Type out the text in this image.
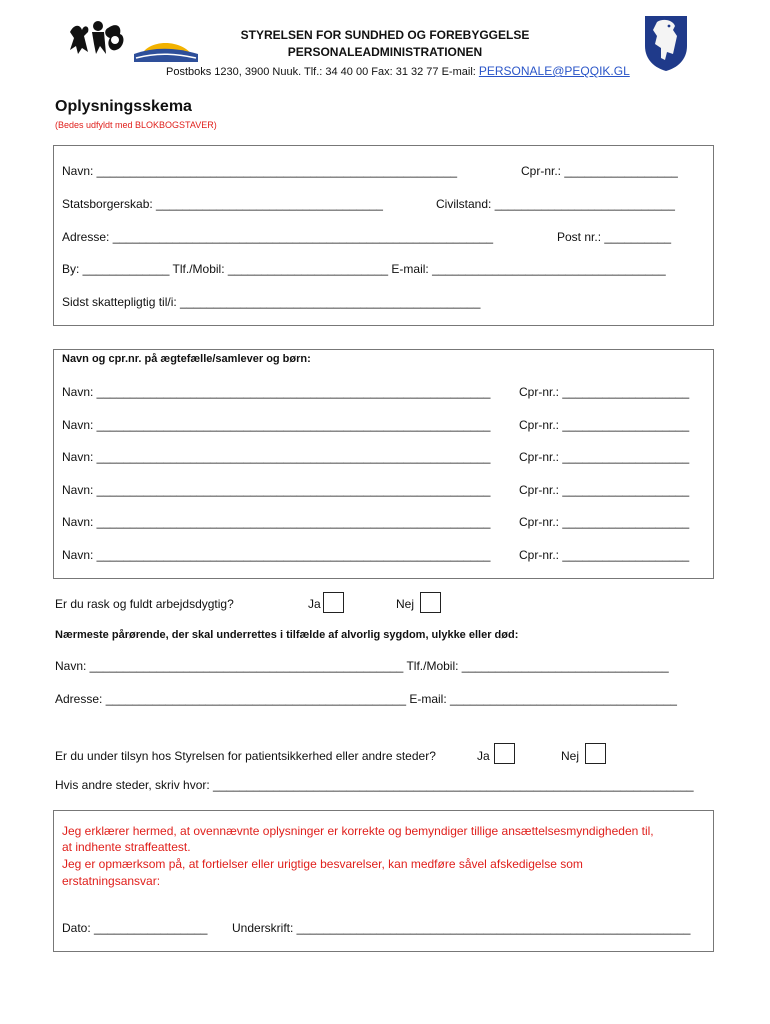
STYRELSEN FOR SUNDHED OG FOREBYGGELSE
PERSONALEADMINISTRATIONEN
Postboks 1230, 3900 Nuuk. Tlf.: 34 40 00 Fax: 31 32 77 E-mail: PERSONALE@PEQQIK.GL
Oplysningsskema
(Bedes udfyldt med BLOKBOGSTAVER)
Navn: ______________________________________________________	Cpr-nr.: _________________
Statsborgerskab: __________________________________	Civilstand: ___________________________
Adresse: _________________________________________________________	Post nr.: __________
By: _____________ Tlf./Mobil: ________________________ E-mail: ___________________________________
Sidst skattepligtig til/i: _____________________________________________
Navn og cpr.nr. på ægtefælle/samlever og børn:
Navn: ___________________________________________________________ Cpr-nr.: ___________________
Navn: ___________________________________________________________ Cpr-nr.: ___________________
Navn: ___________________________________________________________ Cpr-nr.: ___________________
Navn: ___________________________________________________________ Cpr-nr.: ___________________
Navn: ___________________________________________________________ Cpr-nr.: ___________________
Navn: ___________________________________________________________ Cpr-nr.: ___________________
Er du rask og fuldt arbejdsdygtig?	Ja	Nej
Nærmeste pårørende, der skal underrettes i tilfælde af alvorlig sygdom, ulykke eller død:
Navn: _______________________________________________ Tlf./Mobil: _______________________________
Adresse: _____________________________________________ E-mail: __________________________________
Er du under tilsyn hos Styrelsen for patientsikkerhed eller andre steder?	Ja	Nej
Hvis andre steder, skriv hvor: ________________________________________________________________________
Jeg erklærer hermed, at ovennævnte oplysninger er korrekte og bemyndiger tillige ansættelsesmyndigheden til,
at indhente straffeattest.
Jeg er opmærksom på, at fortielser eller urigtige besvarelser, kan medføre såvel afskedigelse som
erstatningsansvar:
Dato: _________________ Underskrift: ___________________________________________________________
